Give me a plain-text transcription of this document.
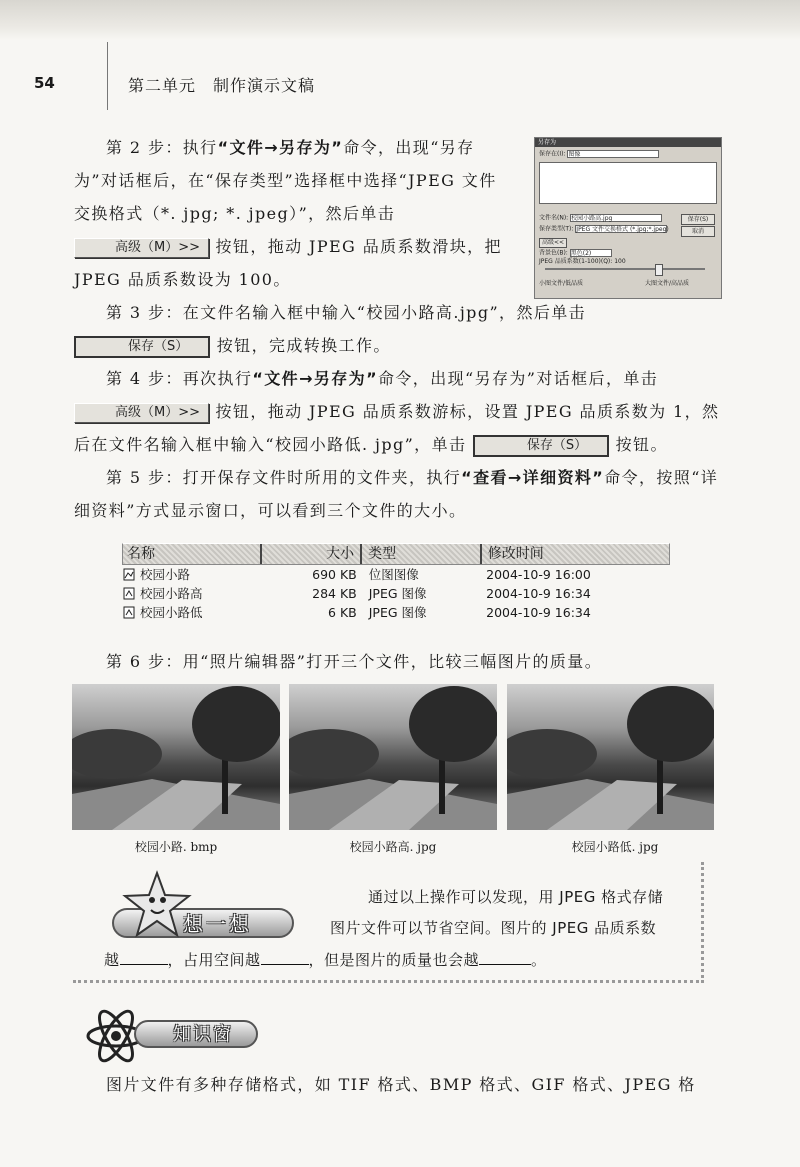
54	第二单元　制作演示文稿

第 2 步：执行“文件→另存为”命令，出现“另存为”对话框后，在“保存类型”选择框中选择“JPEG 文件交换格式（*. jpg; *. jpeg）”，然后单击 高级（M）>> 按钮，拖动 JPEG 品质系数滑块，把 JPEG 品质系数设为 100。

另存为
保存在(I): 图像
文件名(N): 校园小路高.jpg
保存类型(T): JPEG 文件交换格式 (*.jpg;*.jpeg)
保存(S)
取消
高级<<
背景色(B): 黑色(2)
JPEG 品质系数(1-100)(Q): 100
小图文件/低品质	大图文件/高品质

第 3 步：在文件名输入框中输入“校园小路高.jpg”，然后单击 保存（S） 按钮，完成转换工作。

第 4 步：再次执行“文件→另存为”命令，出现“另存为”对话框后，单击 高级（M）>> 按钮，拖动 JPEG 品质系数游标，设置 JPEG 品质系数为 1，然后在文件名输入框中输入“校园小路低. jpg”，单击	保存（S） 按钮。

第 5 步：打开保存文件时所用的文件夹，执行“查看→详细资料”命令，按照“详细资料”方式显示窗口，可以看到三个文件的大小。

名称	大小	类型	修改时间
校园小路	690 KB 位图图像	2004-10-9 16:00
校园小路高	284 KB JPEG 图像	2004-10-9 16:34
校园小路低	6 KB JPEG 图像	2004-10-9 16:34

第 6 步：用“照片编辑器”打开三个文件，比较三幅图片的质量。

校园小路. bmp	校园小路高. jpg	校园小路低. jpg
想一想

通过以上操作可以发现，用 JPEG 格式存储

图片文件可以节省空间。图片的 JPEG 品质系数

越	，占用空间越	，但是图片的质量也会越	。

知识窗

图片文件有多种存储格式，如 TIF 格式、BMP 格式、GIF 格式、JPEG 格
